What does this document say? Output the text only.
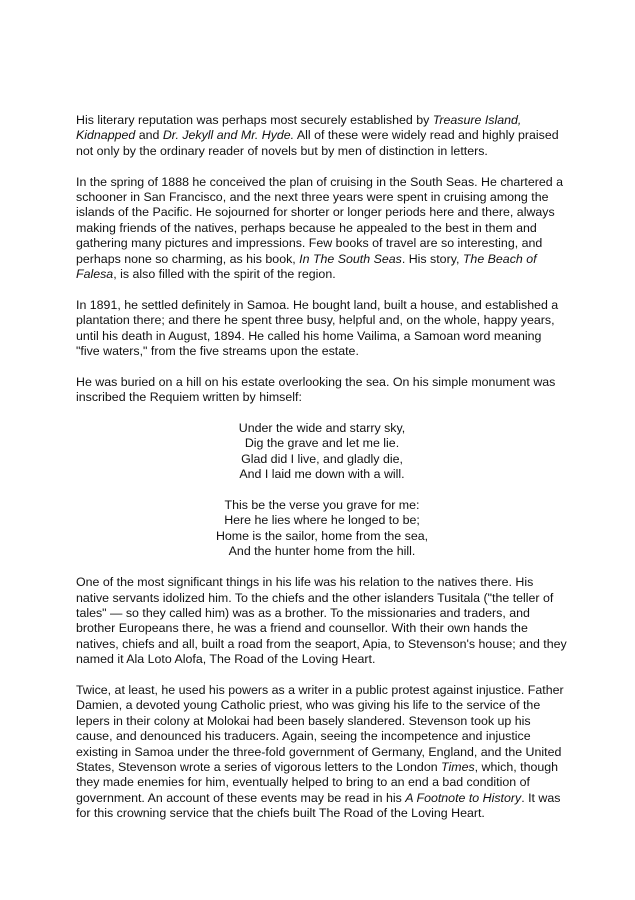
His literary reputation was perhaps most securely established by Treasure Island, Kidnapped and Dr. Jekyll and Mr. Hyde. All of these were widely read and highly praised not only by the ordinary reader of novels but by men of distinction in letters.

In the spring of 1888 he conceived the plan of cruising in the South Seas. He chartered a schooner in San Francisco, and the next three years were spent in cruising among the islands of the Pacific. He sojourned for shorter or longer periods here and there, always making friends of the natives, perhaps because he appealed to the best in them and gathering many pictures and impressions. Few books of travel are so interesting, and perhaps none so charming, as his book, In The South Seas. His story, The Beach of Falesa, is also filled with the spirit of the region.

In 1891, he settled definitely in Samoa. He bought land, built a house, and established a plantation there; and there he spent three busy, helpful and, on the whole, happy years, until his death in August, 1894. He called his home Vailima, a Samoan word meaning "five waters," from the five streams upon the estate.

He was buried on a hill on his estate overlooking the sea. On his simple monument was inscribed the Requiem written by himself:

Under the wide and starry sky,
Dig the grave and let me lie.
Glad did I live, and gladly die,
And I laid me down with a will.
This be the verse you grave for me:
Here he lies where he longed to be;
Home is the sailor, home from the sea,
And the hunter home from the hill.

One of the most significant things in his life was his relation to the natives there. His native servants idolized him. To the chiefs and the other islanders Tusitala ("the teller of tales" — so they called him) was as a brother. To the missionaries and traders, and brother Europeans there, he was a friend and counsellor. With their own hands the natives, chiefs and all, built a road from the seaport, Apia, to Stevenson's house; and they named it Ala Loto Alofa, The Road of the Loving Heart.

Twice, at least, he used his powers as a writer in a public protest against injustice. Father Damien, a devoted young Catholic priest, who was giving his life to the service of the lepers in their colony at Molokai had been basely slandered. Stevenson took up his cause, and denounced his traducers. Again, seeing the incompetence and injustice existing in Samoa under the three-fold government of Germany, England, and the United States, Stevenson wrote a series of vigorous letters to the London Times, which, though they made enemies for him, eventually helped to bring to an end a bad condition of government. An account of these events may be read in his A Footnote to History. It was for this crowning service that the chiefs built The Road of the Loving Heart.
